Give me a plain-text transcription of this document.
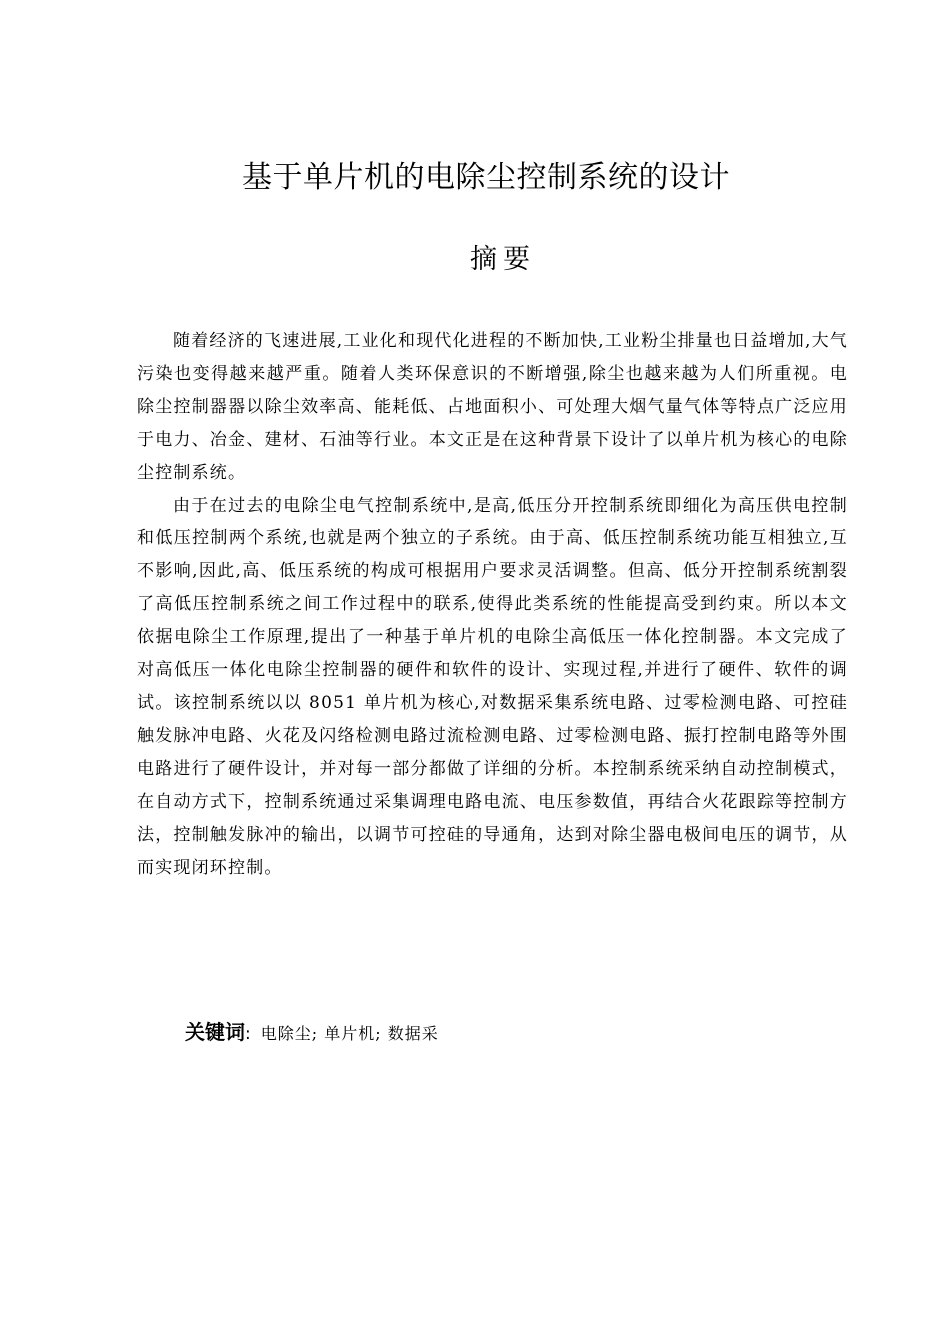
基于单片机的电除尘控制系统的设计
摘要

随着经济的飞速进展,工业化和现代化进程的不断加快,工业粉尘排量也日益增加,大气污染也变得越来越严重。随着人类环保意识的不断增强,除尘也越来越为人们所重视。电除尘控制器器以除尘效率高、能耗低、占地面积小、可处理大烟气量气体等特点广泛应用于电力、冶金、建材、石油等行业。本文正是在这种背景下设计了以单片机为核心的电除尘控制系统。

由于在过去的电除尘电气控制系统中,是高,低压分开控制系统即细化为高压供电控制和低压控制两个系统,也就是两个独立的子系统。由于高、低压控制系统功能互相独立,互不影响,因此,高、低压系统的构成可根据用户要求灵活调整。但高、低分开控制系统割裂了高低压控制系统之间工作过程中的联系,使得此类系统的性能提高受到约束。所以本文依据电除尘工作原理,提出了一种基于单片机的电除尘高低压一体化控制器。本文完成了对高低压一体化电除尘控制器的硬件和软件的设计、实现过程,并进行了硬件、软件的调试。该控制系统以以 8051 单片机为核心,对数据采集系统电路、过零检测电路、可控硅触发脉冲电路、火花及闪络检测电路过流检测电路、过零检测电路、振打控制电路等外围电路进行了硬件设计，并对每一部分都做了详细的分析。本控制系统采纳自动控制模式，在自动方式下，控制系统通过采集调理电路电流、电压参数值，再结合火花跟踪等控制方法，控制触发脉冲的输出，以调节可控硅的导通角，达到对除尘器电极间电压的调节，从而实现闭环控制。

关键词: 电除尘; 单片机; 数据采
